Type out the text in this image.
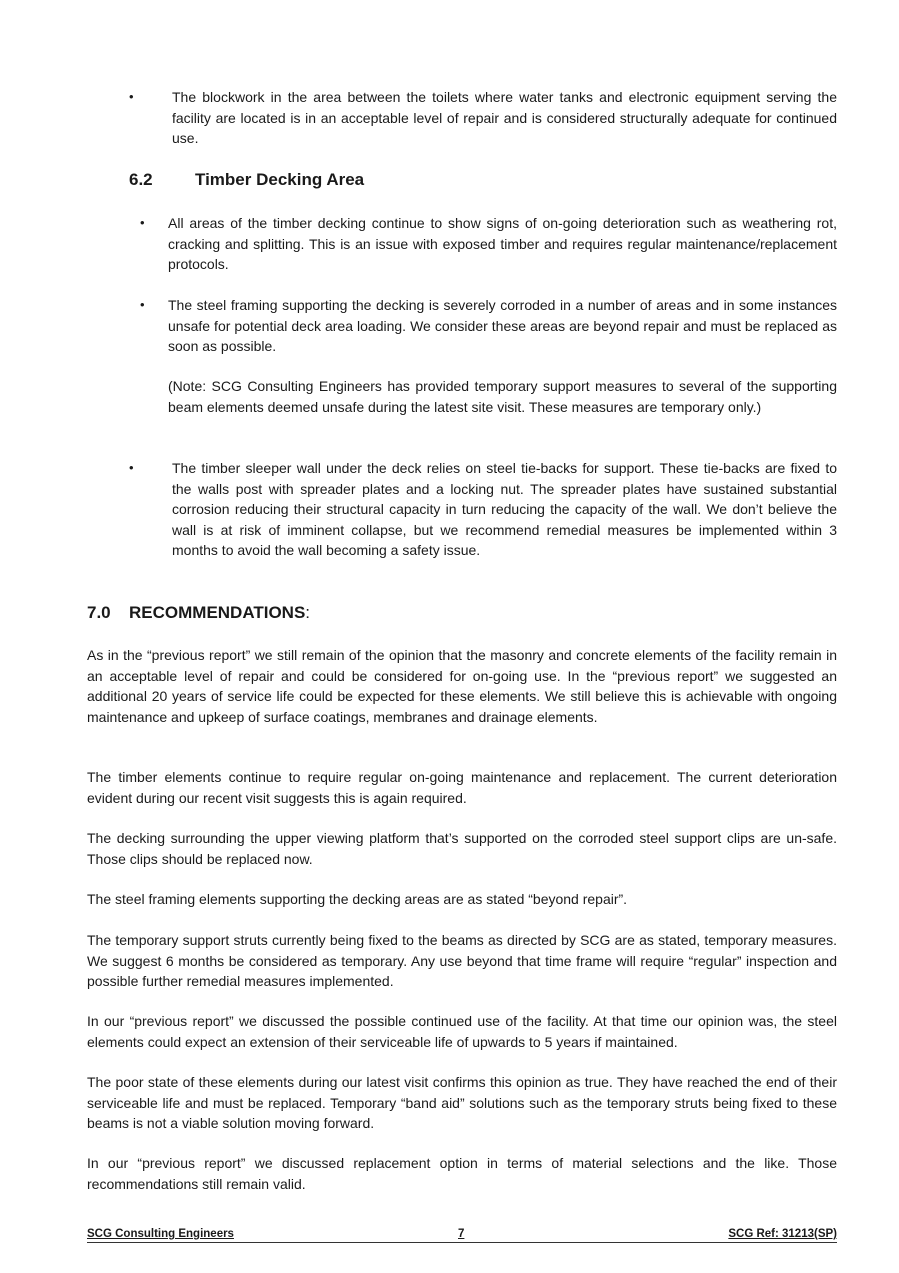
•	The blockwork in the area between the toilets where water tanks and electronic equipment serving the facility are located is in an acceptable level of repair and is considered structurally adequate for continued use.

6.2 Timber Decking Area
• All areas of the timber decking continue to show signs of on-going deterioration such as weathering rot, cracking and splitting. This is an issue with exposed timber and requires regular maintenance/replacement protocols.

• The steel framing supporting the decking is severely corroded in a number of areas and in some instances unsafe for potential deck area loading. We consider these areas are beyond repair and must be replaced as soon as possible.

(Note: SCG Consulting Engineers has provided temporary support measures to several of the supporting beam elements deemed unsafe during the latest site visit. These measures are temporary only.)

•	The timber sleeper wall under the deck relies on steel tie-backs for support. These tie-backs are fixed to the walls post with spreader plates and a locking nut. The spreader plates have sustained substantial corrosion reducing their structural capacity in turn reducing the capacity of the wall. We don’t believe the wall is at risk of imminent collapse, but we recommend remedial measures be implemented within 3 months to avoid the wall becoming a safety issue.

7.0 RECOMMENDATIONS:

As in the “previous report” we still remain of the opinion that the masonry and concrete elements of the facility remain in an acceptable level of repair and could be considered for on-going use. In the “previous report” we suggested an additional 20 years of service life could be expected for these elements. We still believe this is achievable with ongoing maintenance and upkeep of surface coatings, membranes and drainage elements.

The timber elements continue to require regular on-going maintenance and replacement. The current deterioration evident during our recent visit suggests this is again required.

The decking surrounding the upper viewing platform that’s supported on the corroded steel support clips are un-safe. Those clips should be replaced now.

The steel framing elements supporting the decking areas are as stated “beyond repair”.

The temporary support struts currently being fixed to the beams as directed by SCG are as stated, temporary measures. We suggest 6 months be considered as temporary. Any use beyond that time frame will require “regular” inspection and possible further remedial measures implemented.

In our “previous report” we discussed the possible continued use of the facility. At that time our opinion was, the steel elements could expect an extension of their serviceable life of upwards to 5 years if maintained.

The poor state of these elements during our latest visit confirms this opinion as true. They have reached the end of their serviceable life and must be replaced. Temporary “band aid” solutions such as the temporary struts being fixed to these beams is not a viable solution moving forward.

In our “previous report” we discussed replacement option in terms of material selections and the like. Those recommendations still remain valid.

SCG Consulting Engineers	7	SCG Ref: 31213(SP)
